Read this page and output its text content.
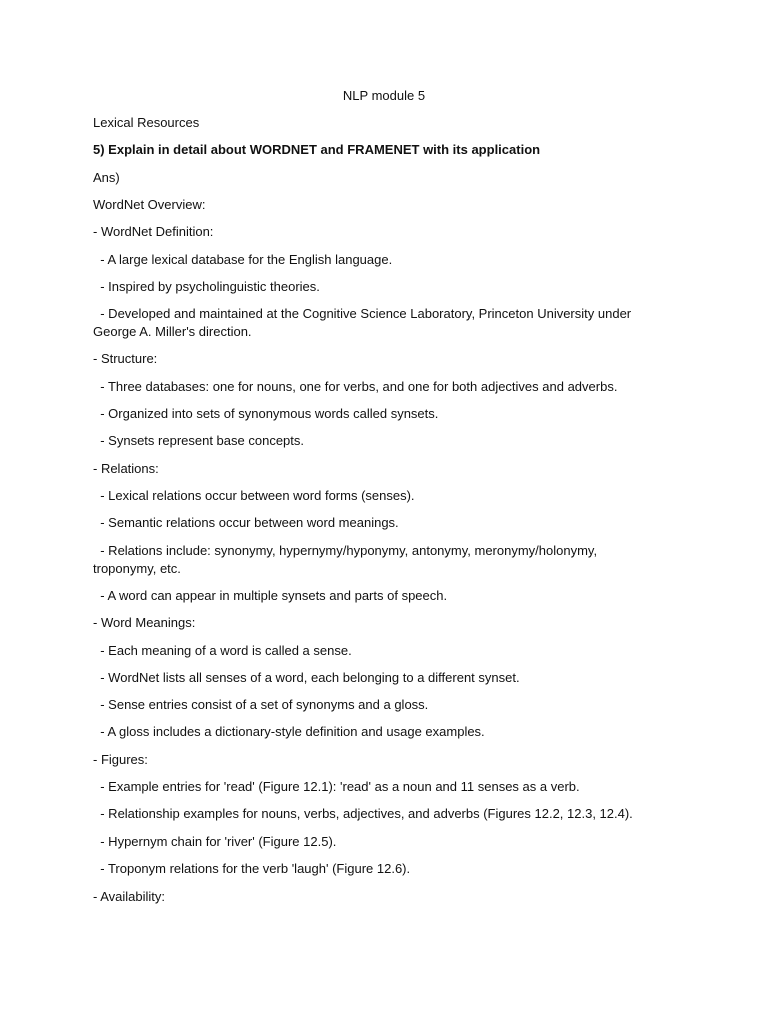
NLP module 5
Lexical Resources
5) Explain in detail about WORDNET and FRAMENET with its application
Ans)
WordNet Overview:
- WordNet Definition:
- A large lexical database for the English language.
- Inspired by psycholinguistic theories.
- Developed and maintained at the Cognitive Science Laboratory, Princeton University under
George A. Miller's direction.
- Structure:
- Three databases: one for nouns, one for verbs, and one for both adjectives and adverbs.
- Organized into sets of synonymous words called synsets.
- Synsets represent base concepts.
- Relations:
- Lexical relations occur between word forms (senses).
- Semantic relations occur between word meanings.
- Relations include: synonymy, hypernymy/hyponymy, antonymy, meronymy/holonymy,
troponymy, etc.
- A word can appear in multiple synsets and parts of speech.
- Word Meanings:
- Each meaning of a word is called a sense.
- WordNet lists all senses of a word, each belonging to a different synset.
- Sense entries consist of a set of synonyms and a gloss.
- A gloss includes a dictionary-style definition and usage examples.
- Figures:
- Example entries for 'read' (Figure 12.1): 'read' as a noun and 11 senses as a verb.
- Relationship examples for nouns, verbs, adjectives, and adverbs (Figures 12.2, 12.3, 12.4).
- Hypernym chain for 'river' (Figure 12.5).
- Troponym relations for the verb 'laugh' (Figure 12.6).
- Availability:
